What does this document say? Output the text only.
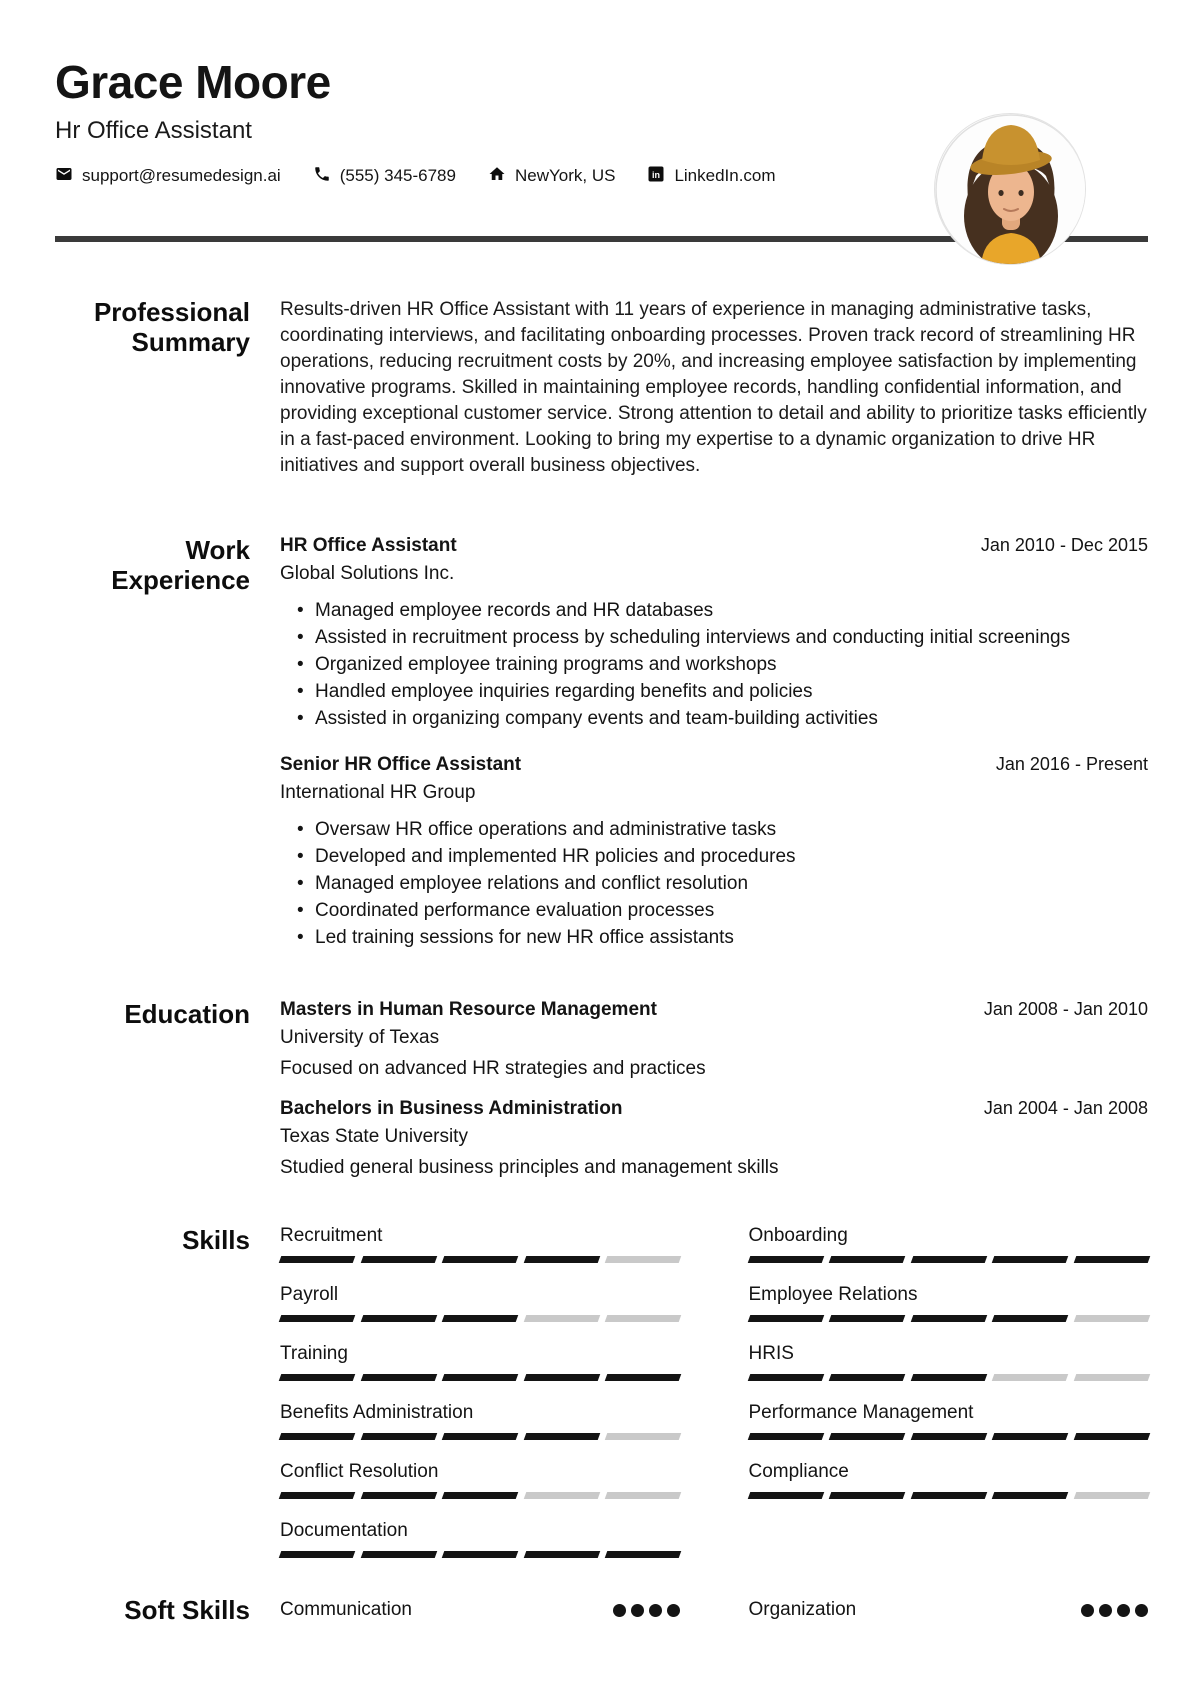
Grace Moore
Hr Office Assistant
support@resumedesign.ai	(555) 345-6789	NewYork, US	in LinkedIn.com
Professional Summary

Results-driven HR Office Assistant with 11 years of experience in managing administrative tasks, coordinating interviews, and facilitating onboarding processes. Proven track record of streamlining HR operations, reducing recruitment costs by 20%, and increasing employee satisfaction by implementing innovative programs. Skilled in maintaining employee records, handling confidential information, and providing exceptional customer service. Strong attention to detail and ability to prioritize tasks efficiently in a fast-paced environment. Looking to bring my expertise to a dynamic organization to drive HR initiatives and support overall business objectives.

Work Experience
HR Office Assistant	Jan 2010 - Dec 2015
Global Solutions Inc.
• Managed employee records and HR databases
• Assisted in recruitment process by scheduling interviews and conducting initial screenings
• Organized employee training programs and workshops
• Handled employee inquiries regarding benefits and policies
• Assisted in organizing company events and team-building activities
Senior HR Office Assistant	Jan 2016 - Present
International HR Group
• Oversaw HR office operations and administrative tasks
• Developed and implemented HR policies and procedures
• Managed employee relations and conflict resolution
• Coordinated performance evaluation processes
• Led training sessions for new HR office assistants
Education Masters in Human Resource Management	Jan 2008 - Jan 2010
University of Texas
Focused on advanced HR strategies and practices
Bachelors in Business Administration	Jan 2004 - Jan 2008
Texas State University
Studied general business principles and management skills
Skills Recruitment	Onboarding
Payroll	Employee Relations
Training	HRIS
Benefits Administration	Performance Management
Conflict Resolution	Compliance
Documentation
Soft Skills Communication	Organization
